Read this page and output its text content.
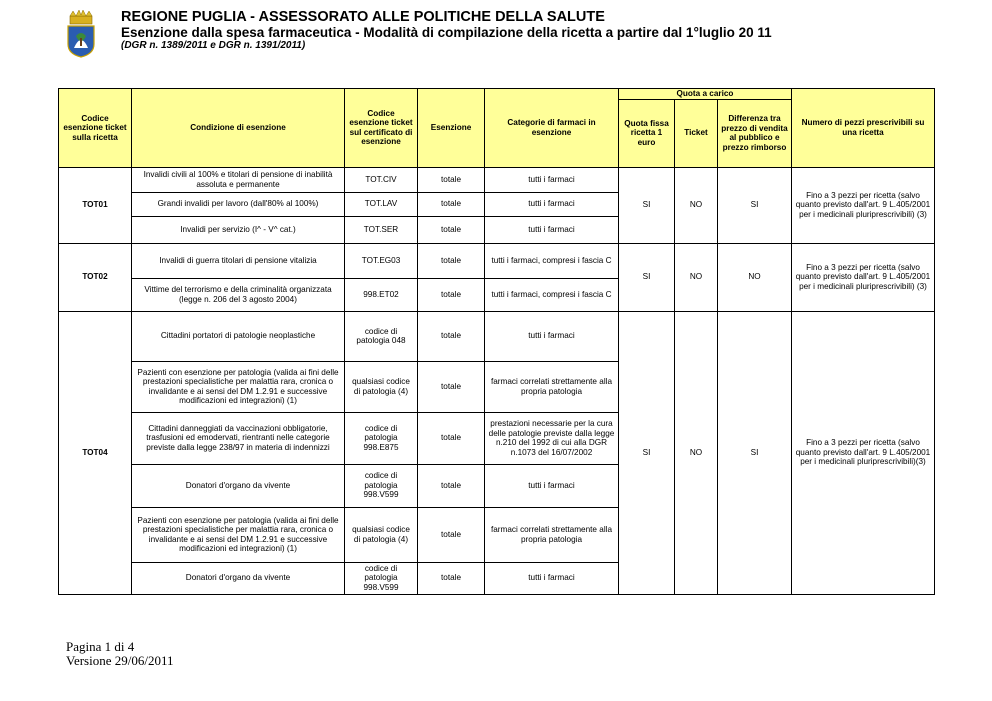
REGIONE PUGLIA - ASSESSORATO ALLE POLITICHE DELLA SALUTE
Esenzione dalla spesa farmaceutica - Modalità di compilazione della ricetta a partire dal 1°luglio 20 11
(DGR n. 1389/2011 e DGR n. 1391/2011)
Codice esenzione ticket sulla ricetta	Condizione di esenzione	Codice esenzione ticket sul certificato di esenzione	Esenzione	Categorie di farmaci in esenzione	Quota a carico			Numero di pezzi prescrivibili su una ricetta
					Quota fissa ricetta 1 euro	Ticket	Differenza tra prezzo di vendita al pubblico e prezzo rimborso	
TOT01	Invalidi civili al 100% e titolari di pensione di inabilità assoluta e permanente	TOT.CIV	totale	tutti i farmaci	SI	NO	SI	Fino a 3 pezzi per ricetta (salvo quanto previsto dall'art. 9 L.405/2001 per i medicinali pluriprescrivibili) (3)
	Grandi invalidi per lavoro (dall'80% al 100%)	TOT.LAV	totale	tutti i farmaci				
	Invalidi per servizio (I^ - V^ cat.)	TOT.SER	totale	tutti i farmaci				
TOT02	Invalidi di guerra titolari di pensione vitalizia	TOT.EG03	totale	tutti i farmaci, compresi i fascia C	SI	NO	NO	Fino a 3 pezzi per ricetta (salvo quanto previsto dall'art. 9 L.405/2001 per i medicinali pluriprescrivibili) (3)
	Vittime del terrorismo e della criminalità organizzata (legge n. 206 del 3 agosto 2004)	998.ET02	totale	tutti i farmaci, compresi i fascia C				
TOT04	Cittadini portatori di patologie neoplastiche	codice di patologia 048	totale	tutti i farmaci	SI	NO	SI	Fino a 3 pezzi per ricetta (salvo quanto previsto dall'art. 9 L.405/2001 per i medicinali pluriprescrivibili)(3)
	Pazienti con esenzione per patologia (valida ai fini delle prestazioni specialistiche per malattia rara, cronica o invalidante e ai sensi del DM 1.2.91 e successive modificazioni ed integrazioni) (1)	qualsiasi codice di patologia (4)	totale	farmaci correlati strettamente alla propria patologia				
	Cittadini danneggiati da vaccinazioni obbligatorie, trasfusioni ed emodervati, rientranti nelle categorie previste dalla legge 238/97 in materia di indennizzi	codice di patologia 998.E875	totale	prestazioni necessarie per la cura delle patologie previste dalla legge n.210 del 1992 di cui alla DGR n.1073 del 16/07/2002				
	Donatori d'organo da vivente	codice di patologia 998.V599	totale	tutti i farmaci				
	Pazienti con esenzione per patologia (valida ai fini delle prestazioni specialistiche per malattia rara, cronica o invalidante e ai sensi del DM 1.2.91 e successive modificazioni ed integrazioni) (1)	qualsiasi codice di patologia (4)	totale	farmaci correlati strettamente alla propria patologia				
	Donatori d'organo da vivente	codice di patologia 998.V599	totale	tutti i farmaci				
Pagina 1 di 4
Versione 29/06/2011
